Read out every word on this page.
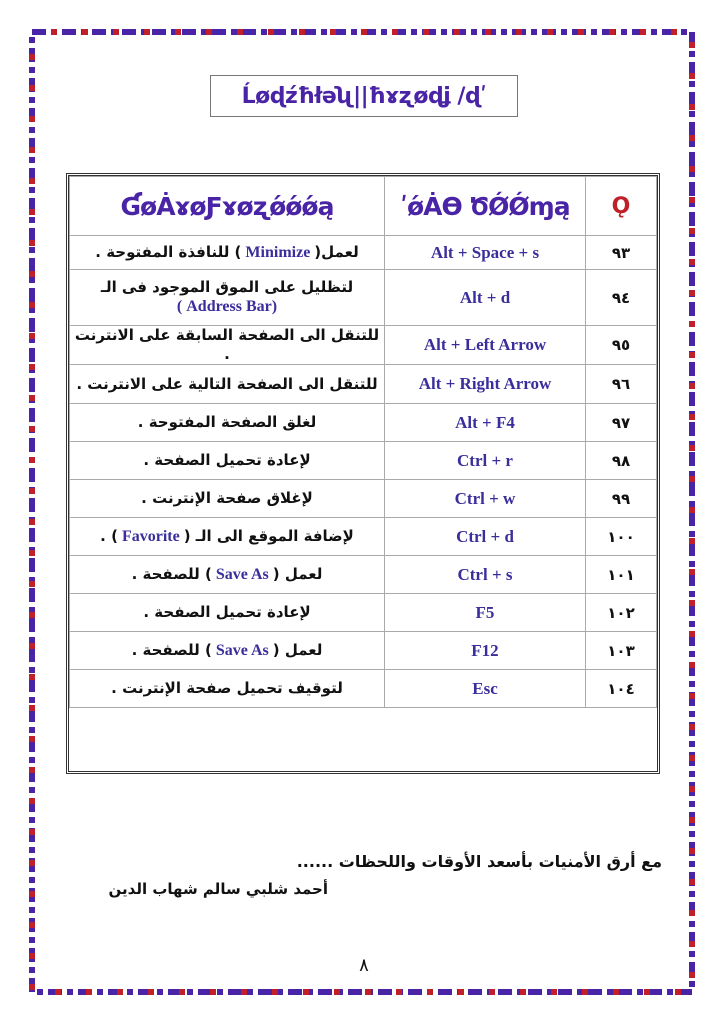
Ĺøɖźħłəʯ||ħɤʐøɖʝ /ɖʹ
Ǫ	ǿȦƟ ԾǾǾɱąʹ	ƓøȦɤøƑɤøʐǿǿǿą
٩٣	Alt + Space + s	لعمل( Minimize ) للنافذة المفتوحة .
٩٤	Alt + d	لتظليل على الموق الموجود فى الـ
(Address Bar )
٩٥	Alt + Left Arrow	للتنقل الى الصفحة السابقة على الانترنت
.
٩٦	Alt + Right Arrow	للتنقل الى الصفحة التالية على الانترنت .
٩٧	Alt + F4	لغلق الصفحة المفتوحة .
٩٨	Ctrl + r	لإعادة تحميل الصفحة .
٩٩	Ctrl + w	لإغلاق صفحة الإنترنت .
١٠٠	Ctrl + d	لإضافة الموقع الى الـ ( Favorite ) .
١٠١	Ctrl + s	لعمل ( Save As ) للصفحة .
١٠٢	F5	لإعادة تحميل الصفحة .
١٠٣	F12	لعمل ( Save As ) للصفحة .
١٠٤	Esc	لتوقيف تحميل صفحة الإنترنت .
مع أرق الأمنيات بأسعد الأوقات واللحظات ......
أحمد شلبي سالم شهاب الدين
٨
